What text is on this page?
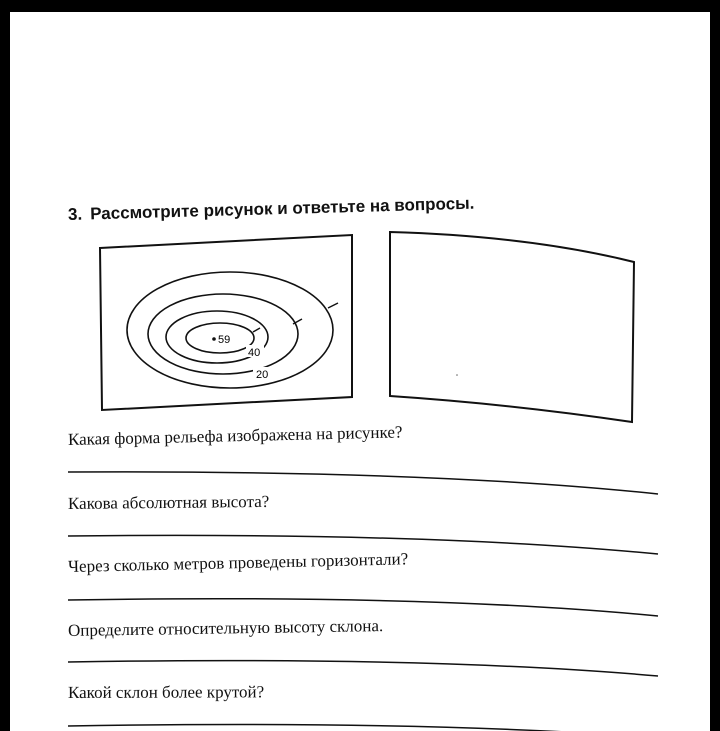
3. Рассмотрите рисунок и ответьте на вопросы.
59
40
20
Какая форма рельефа изображена на рисунке?
Какова абсолютная высота?
Через сколько метров проведены горизонтали?
Определите относительную высоту склона.
Какой склон более крутой?
